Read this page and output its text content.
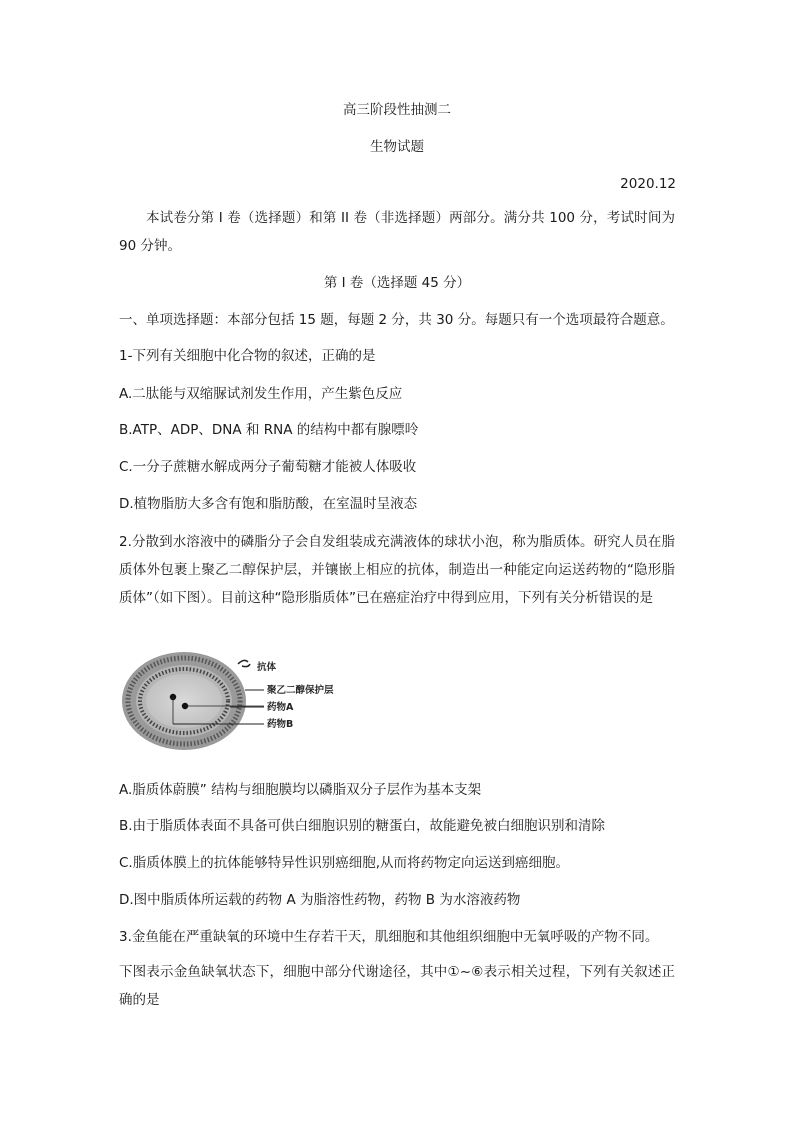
高三阶段性抽测二
生物试题
2020.12
本试卷分第 I 卷（选择题）和第 II 卷（非选择题）两部分。满分共 100 分，考试时间为 90 分钟。
第 I 卷（选择题 45 分）
一、单项选择题：本部分包括 15 题，每题 2 分，共 30 分。每题只有一个选项最符合题意。
1-下列有关细胞中化合物的叙述，正确的是
A.二肽能与双缩脲试剂发生作用，产生紫色反应
B.ATP、ADP、DNA 和 RNA 的结构中都有腺嘌呤
C.一分子蔗糖水解成两分子葡萄糖才能被人体吸收
D.植物脂肪大多含有饱和脂肪酸，在室温时呈液态
2.分散到水溶液中的磷脂分子会自发组装成充满液体的球状小泡，称为脂质体。研究人员在脂质体外包裹上聚乙二醇保护层，并镶嵌上相应的抗体，制造出一种能定向运送药物的“隐形脂质体”（如下图）。目前这种“隐形脂质体”已在癌症治疗中得到应用，下列有关分析错误的是
抗体
聚乙二醇保护层
药物A
药物B
A.脂质体蔚膜” 结构与细胞膜均以磷脂双分子层作为基本支架
B.由于脂质体表面不具备可供白细胞识别的糖蛋白，故能避免被白细胞识别和清除
C.脂质体膜上的抗体能够特异性识别癌细胞,从而将药物定向运送到癌细胞。
D.图中脂质体所运载的药物 A 为脂溶性药物，药物 B 为水溶液药物
3.金鱼能在严重缺氧的环境中生存若干天，肌细胞和其他组织细胞中无氧呼吸的产物不同。
下图表示金鱼缺氧状态下，细胞中部分代谢途径，其中①~⑥表示相关过程，下列有关叙述正确的是
